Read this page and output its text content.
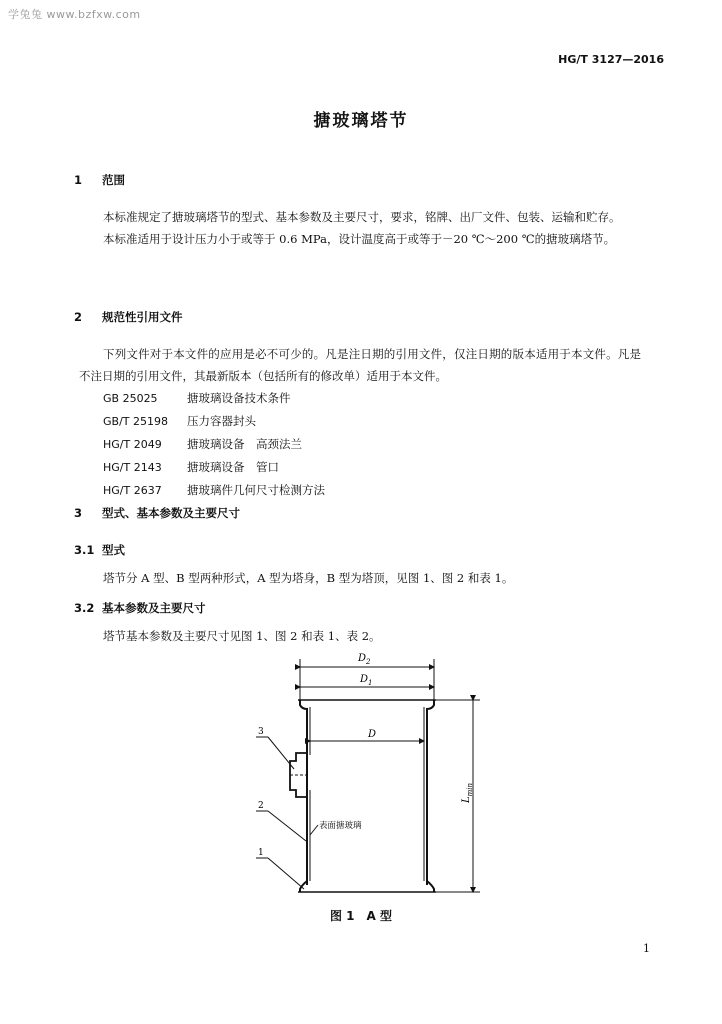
学兔兔 www.bzfxw.com
HG/T 3127—2016
搪玻璃塔节
1 范围

本标准规定了搪玻璃塔节的型式、基本参数及主要尺寸，要求，铭牌、出厂文件、包装、运输和贮存。

本标准适用于设计压力小于或等于 0.6 MPa，设计温度高于或等于－20 ℃～200 ℃的搪玻璃塔节。

2 规范性引用文件

下列文件对于本文件的应用是必不可少的。凡是注日期的引用文件，仅注日期的版本适用于本文件。凡是不注日期的引用文件，其最新版本（包括所有的修改单）适用于本文件。

GB 25025	搪玻璃设备技术条件
GB/T 25198 压力容器封头
HG/T 2049 搪玻璃设备　高颈法兰
HG/T 2143 搪玻璃设备　管口
HG/T 2637 搪玻璃件几何尺寸检测方法
3 型式、基本参数及主要尺寸
3.1 型式

塔节分 A 型、B 型两种形式，A 型为塔身，B 型为塔顶，见图 1、图 2 和表 1。

3.2 基本参数及主要尺寸

塔节基本参数及主要尺寸见图 1、图 2 和表 1、表 2。

$D_2$
$D_1$
D
$L_{min}$
表面搪玻璃
3
2
1
图 1　A 型
1
